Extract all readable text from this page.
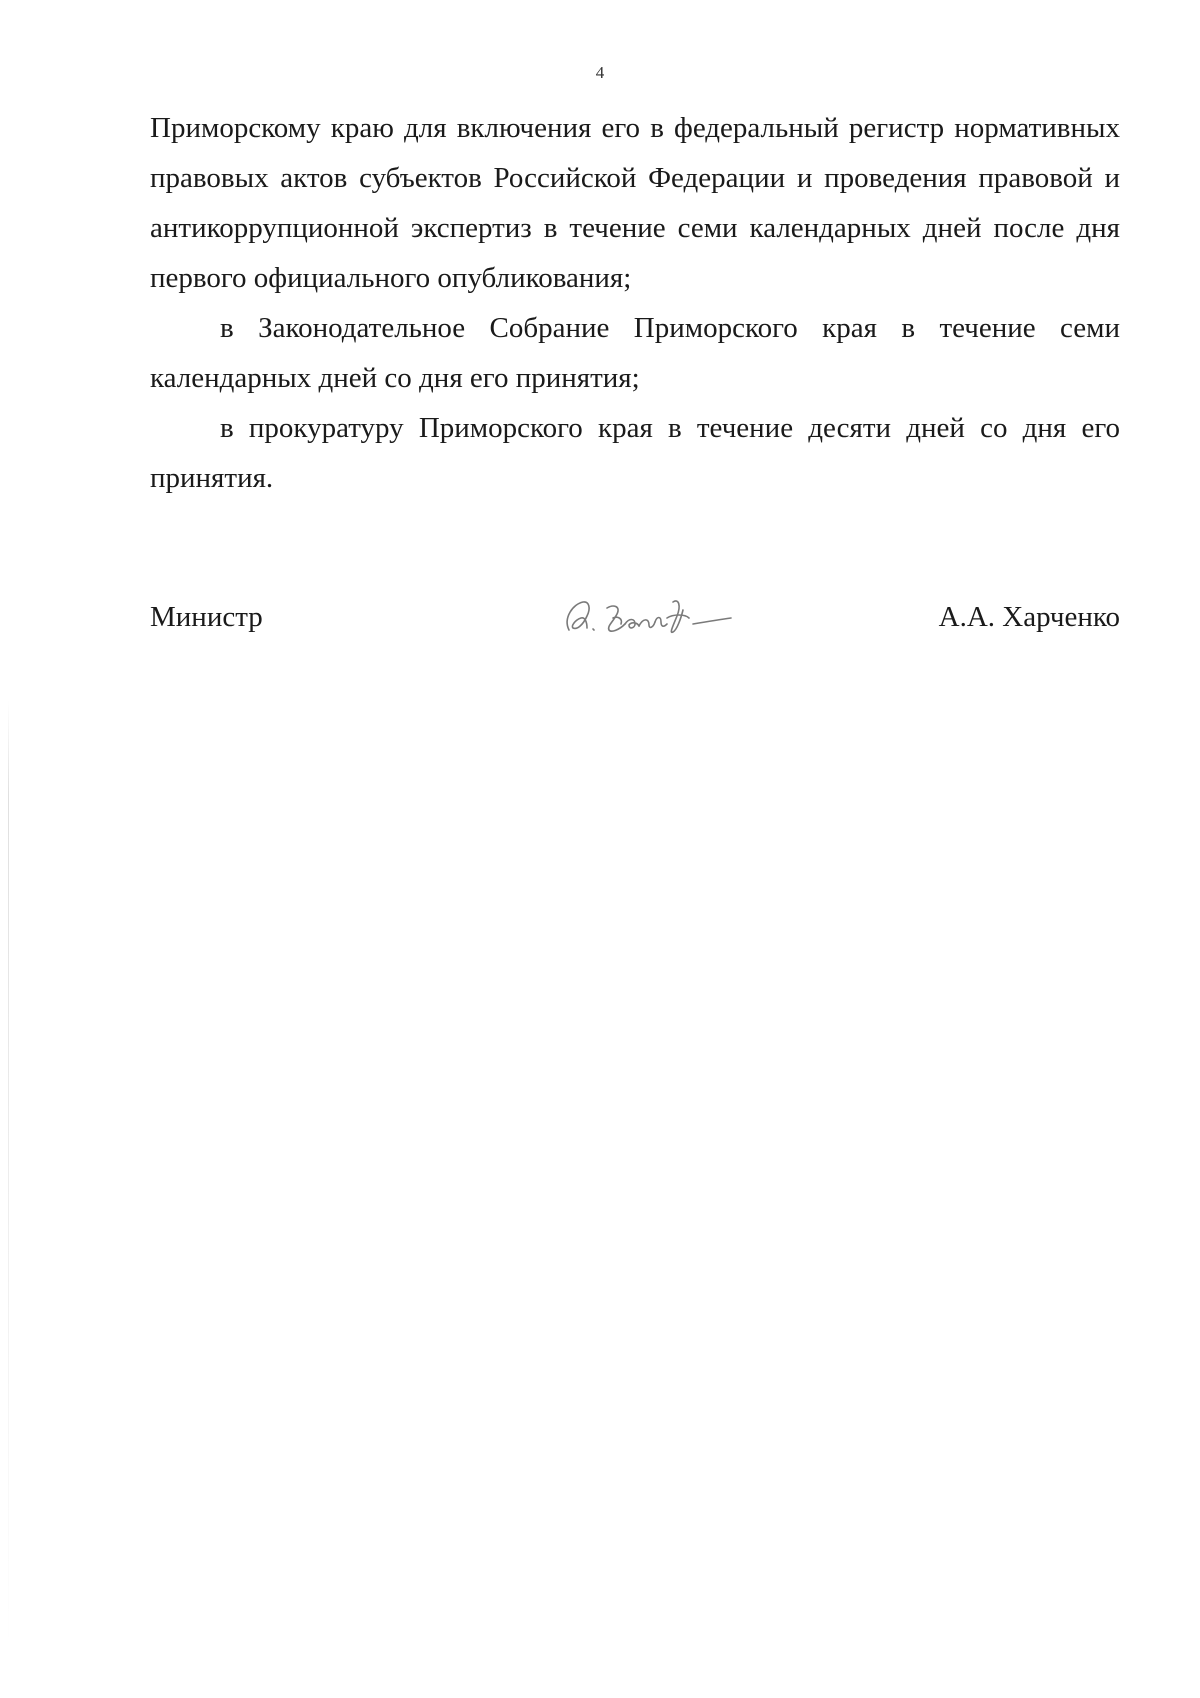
4

Приморскому краю для включения его в федеральный регистр нормативных правовых актов субъектов Российской Федерации и проведения правовой и антикоррупционной экспертиз в течение семи календарных дней после дня первого официального опубликования;

в Законодательное Собрание Приморского края в течение семи календарных дней со дня его принятия;

в прокуратуру Приморского края в течение десяти дней со дня его принятия.

Министр	А.А. Харченко
